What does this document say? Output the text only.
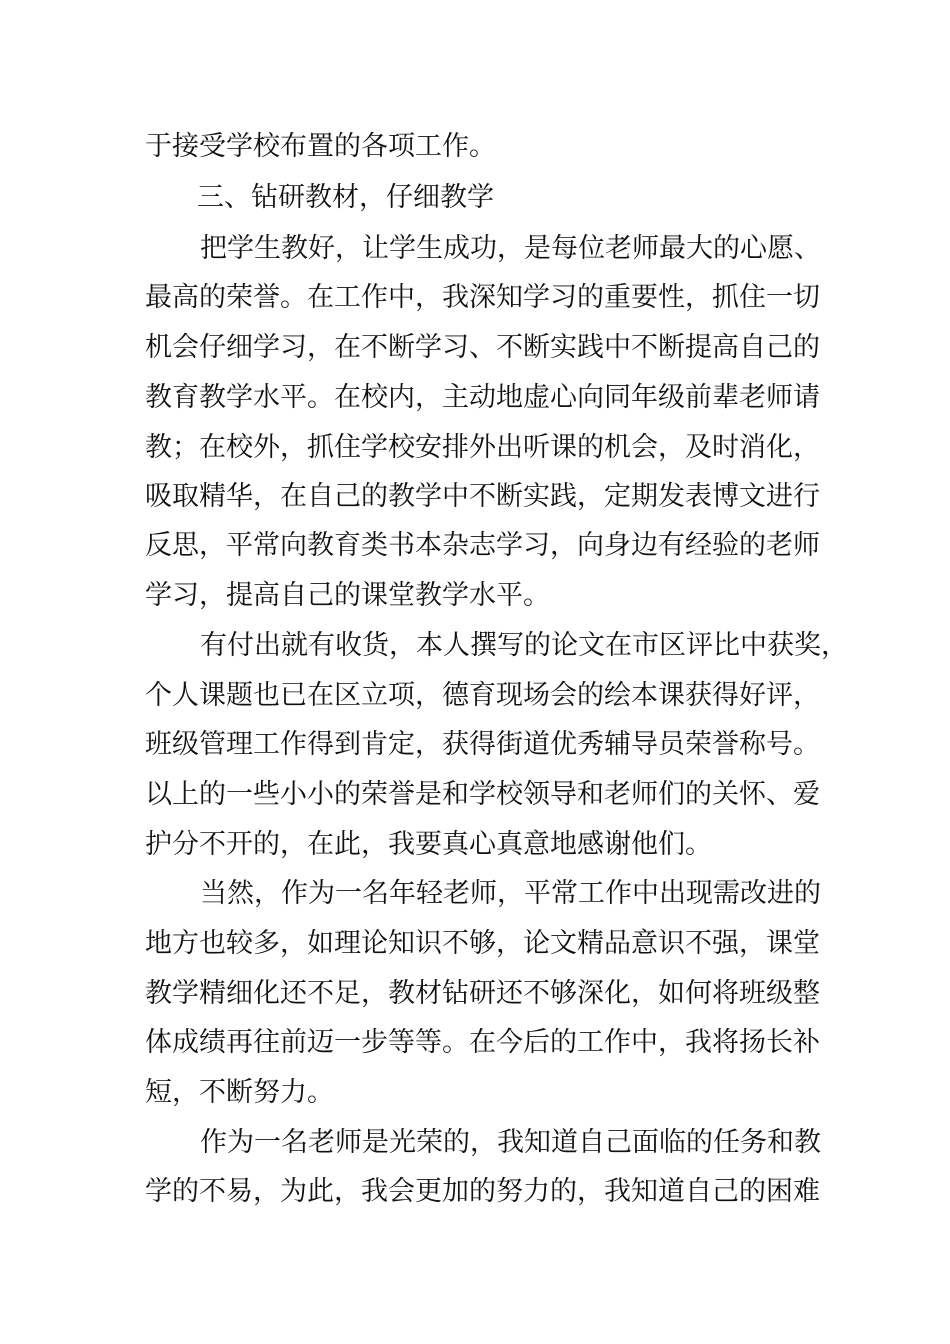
于接受学校布置的各项工作。
三、钻研教材，仔细教学
把学生教好，让学生成功，是每位老师最大的心愿、
最高的荣誉。在工作中，我深知学习的重要性，抓住一切
机会仔细学习，在不断学习、不断实践中不断提高自己的
教育教学水平。在校内，主动地虚心向同年级前辈老师请
教；在校外，抓住学校安排外出听课的机会，及时消化，
吸取精华，在自己的教学中不断实践，定期发表博文进行
反思，平常向教育类书本杂志学习，向身边有经验的老师
学习，提高自己的课堂教学水平。
有付出就有收货，本人撰写的论文在市区评比中获奖，
个人课题也已在区立项，德育现场会的绘本课获得好评，
班级管理工作得到肯定，获得街道优秀辅导员荣誉称号。
以上的一些小小的荣誉是和学校领导和老师们的关怀、爱
护分不开的，在此，我要真心真意地感谢他们。
当然，作为一名年轻老师，平常工作中出现需改进的
地方也较多，如理论知识不够，论文精品意识不强，课堂
教学精细化还不足，教材钻研还不够深化，如何将班级整
体成绩再往前迈一步等等。在今后的工作中，我将扬长补
短，不断努力。
作为一名老师是光荣的，我知道自己面临的任务和教
学的不易，为此，我会更加的努力的，我知道自己的困难
